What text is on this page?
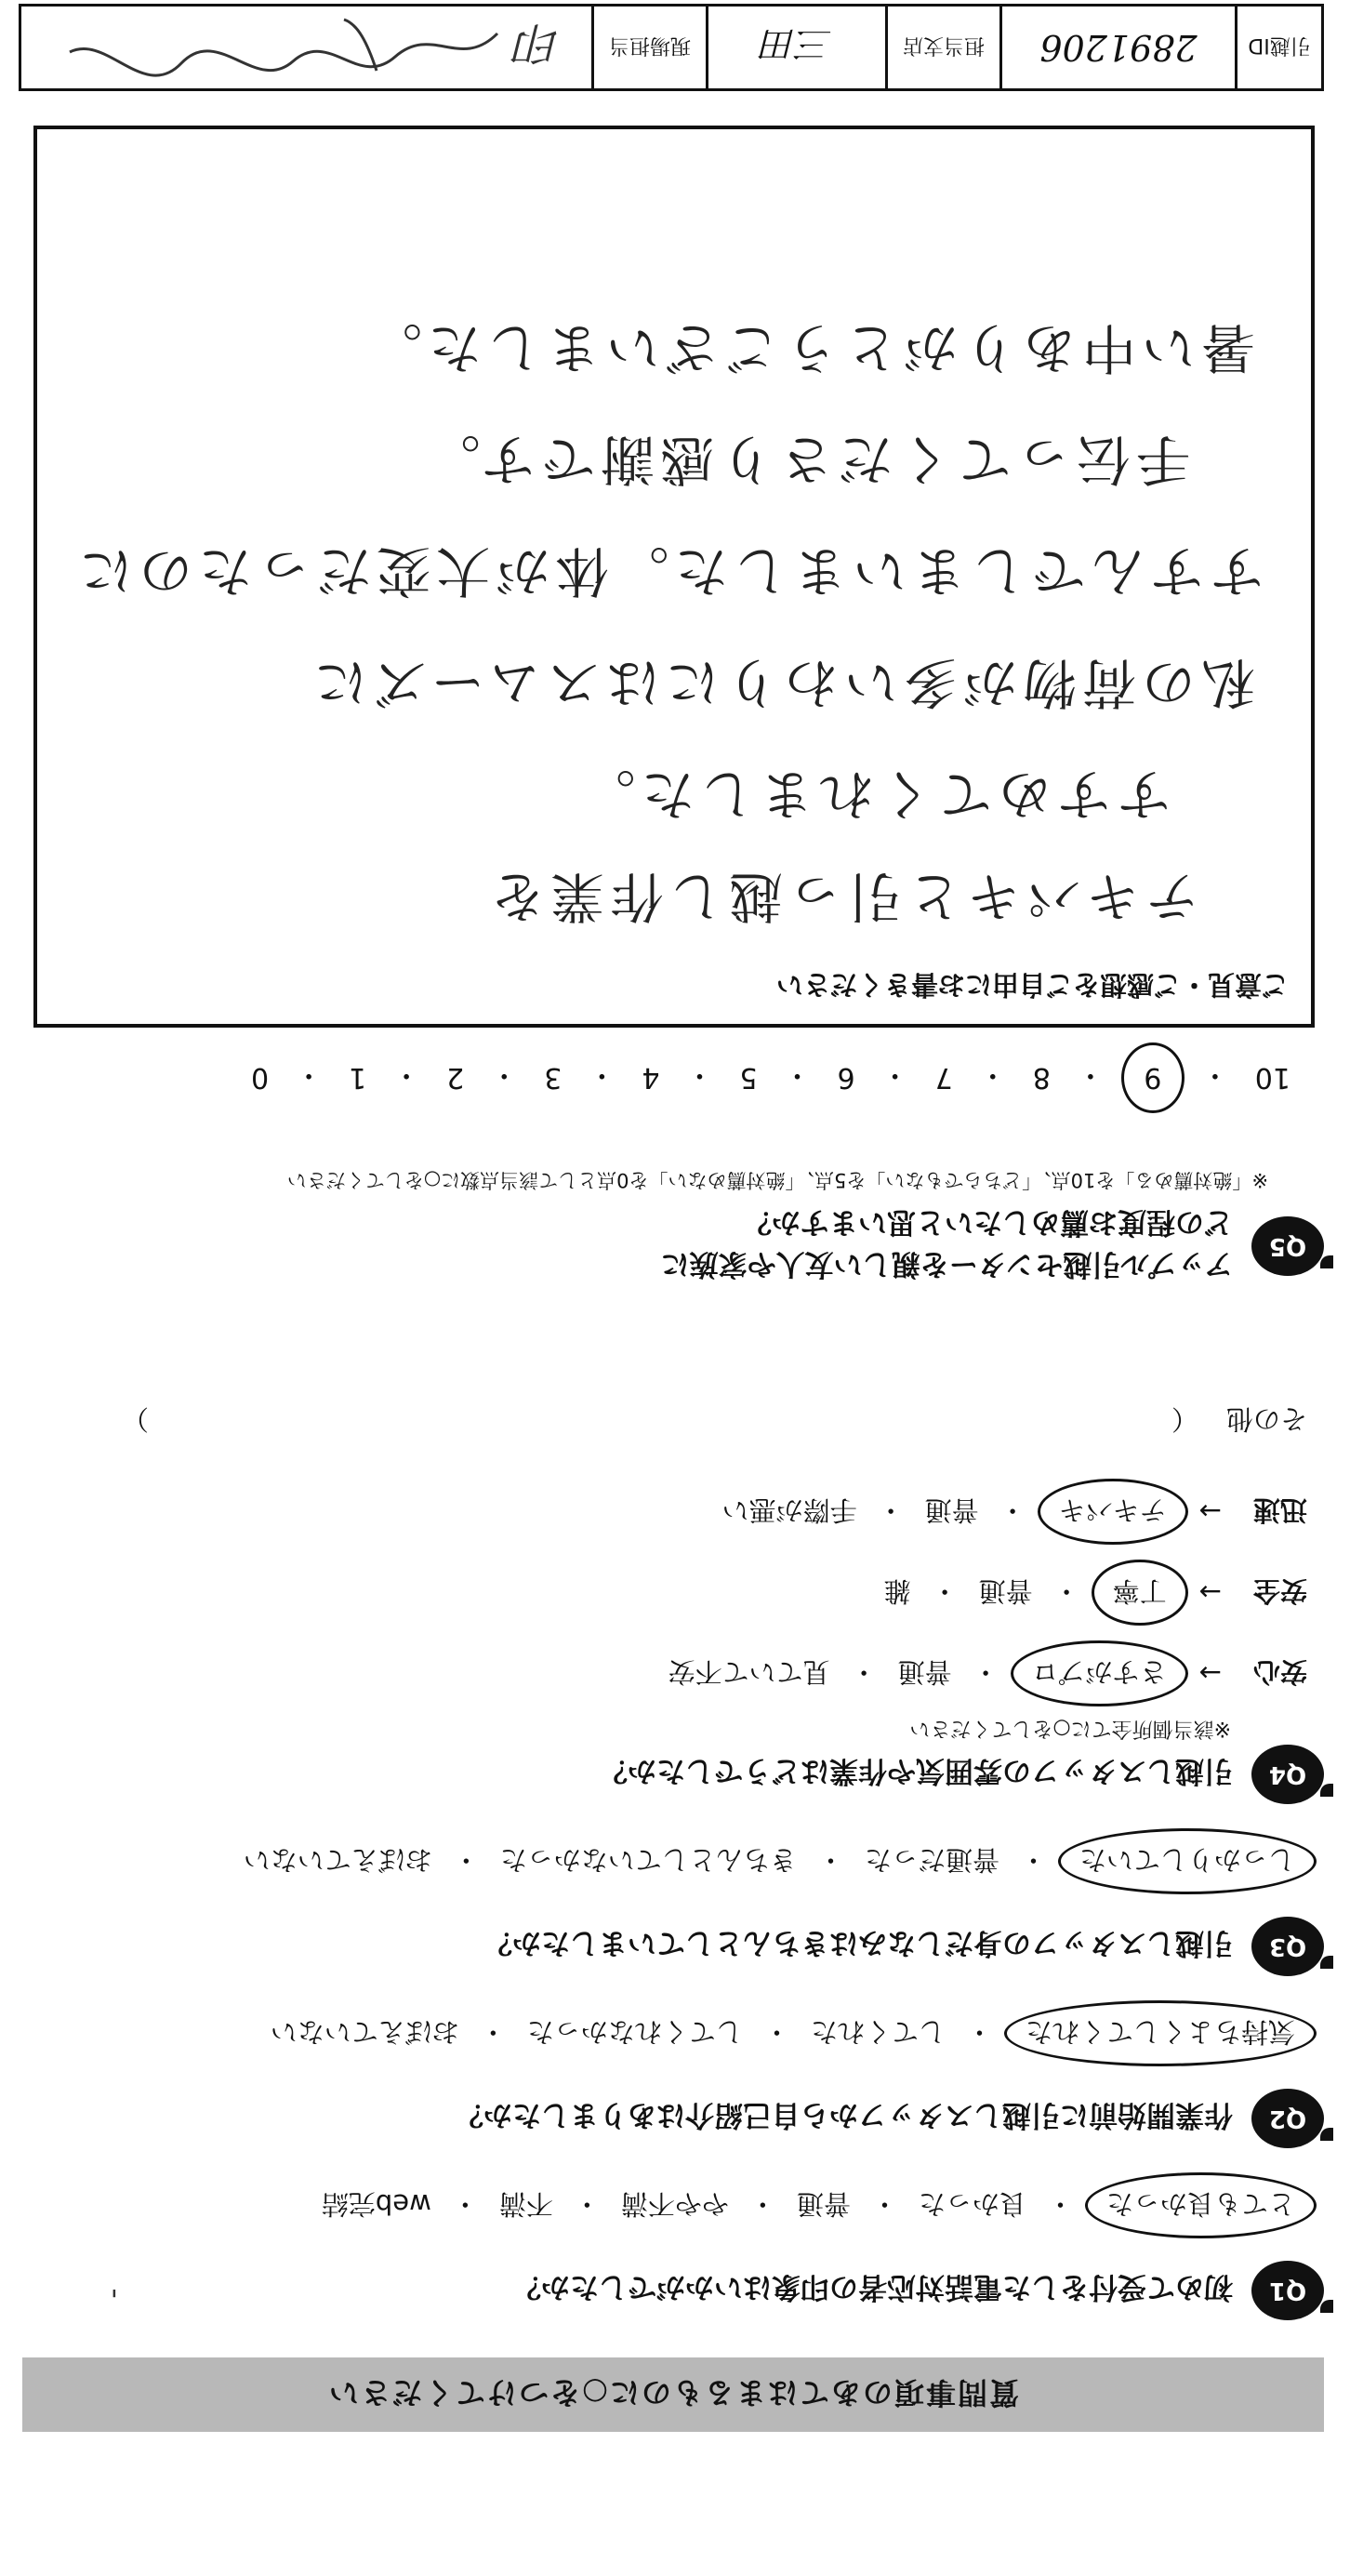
質問事項のあてはまるものに○をつけてください
'	Q1
初めて受付をした電話対応者の印象はいかがでしたか？
とても良かった
・
良かった
・
普通
・
やや不満
・
不満
・
web完結
Q2
作業開始前に引越しスタッフから自己紹介はありましたか？
気持ちよくしてくれた
・
してくれた
・
してくれなかった
・
おぼえていない
Q3
引越しスタッフの身だしなみはきちんとしていましたか？
しっかりしていた
・
普通だった
・
きちんとしていなかった
・
おぼえていない
Q4
引越しスタッフの雰囲気や作業はどうでしたか？
※該当個所全てに○をしてください
安心
→
さすがプロ
・
普通
・
見ていて不安
安全
→
丁寧
・
普通
・
雑
迅速
→
テキパキ
・
普通
・
手際が悪い
その他
（
）
Q5
アップル引越センターを親しい友人や家族に
どの程度お薦めしたいと思いますか？
※「絶対薦める」を10点、「どちらでもない」を5点、「絶対薦めない」を0点として該当点数に○をしてください
10
・
9
・
8
・
7
・
6
・
5
・
4
・
3
・
2
・
1
・
0
ご意見・ご感想をご自由にお書きください
テキパキと引っ越し作業を
すすめてくれました。
私の荷物が多いわりにはスムーズに
すすんでしまいました。体が大変だったのに
手伝ってくださり感謝です。
暑い中ありがとうございました。
引越ID
2891206
担当支店
三田
現場担当
印
